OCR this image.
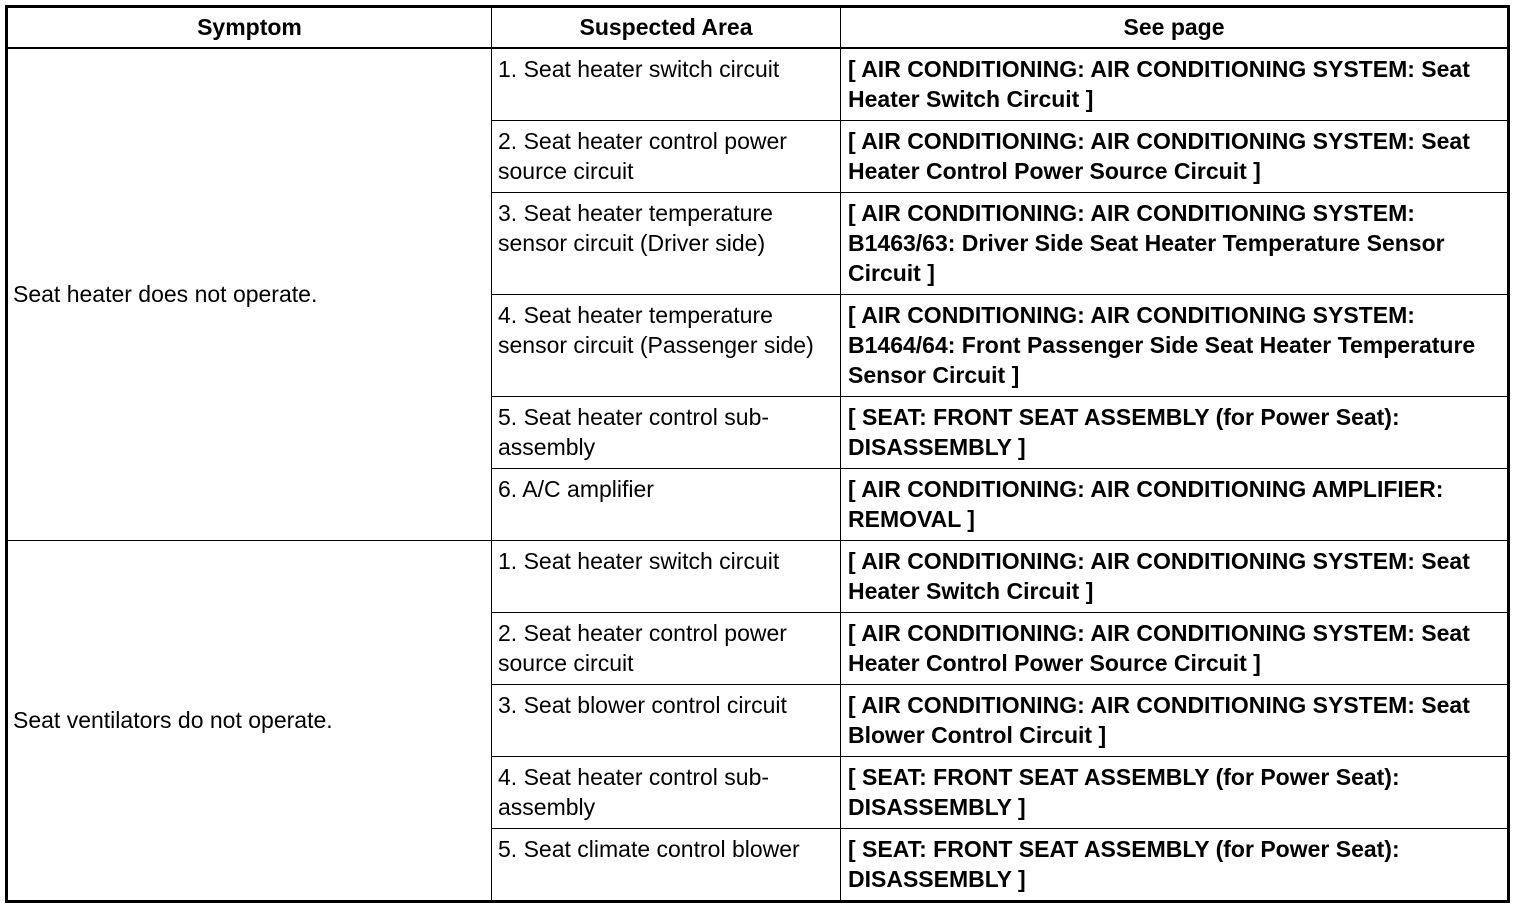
Symptom	Suspected Area	See page
Seat heater does not operate.	1. Seat heater switch circuit	[ AIR CONDITIONING: AIR CONDITIONING SYSTEM: Seat Heater Switch Circuit ]
	2. Seat heater control power source circuit	[ AIR CONDITIONING: AIR CONDITIONING SYSTEM: Seat Heater Control Power Source Circuit ]
	3. Seat heater temperature sensor circuit (Driver side)	[ AIR CONDITIONING: AIR CONDITIONING SYSTEM: B1463/63: Driver Side Seat Heater Temperature Sensor Circuit ]
	4. Seat heater temperature sensor circuit (Passenger side)	[ AIR CONDITIONING: AIR CONDITIONING SYSTEM: B1464/64: Front Passenger Side Seat Heater Temperature Sensor Circuit ]
	5. Seat heater control sub-assembly	[ SEAT: FRONT SEAT ASSEMBLY (for Power Seat): DISASSEMBLY ]
	6. A/C amplifier	[ AIR CONDITIONING: AIR CONDITIONING AMPLIFIER: REMOVAL ]
Seat ventilators do not operate.	1. Seat heater switch circuit	[ AIR CONDITIONING: AIR CONDITIONING SYSTEM: Seat Heater Switch Circuit ]
	2. Seat heater control power source circuit	[ AIR CONDITIONING: AIR CONDITIONING SYSTEM: Seat Heater Control Power Source Circuit ]
	3. Seat blower control circuit	[ AIR CONDITIONING: AIR CONDITIONING SYSTEM: Seat Blower Control Circuit ]
	4. Seat heater control sub-assembly	[ SEAT: FRONT SEAT ASSEMBLY (for Power Seat): DISASSEMBLY ]
	5. Seat climate control blower	[ SEAT: FRONT SEAT ASSEMBLY (for Power Seat): DISASSEMBLY ]
